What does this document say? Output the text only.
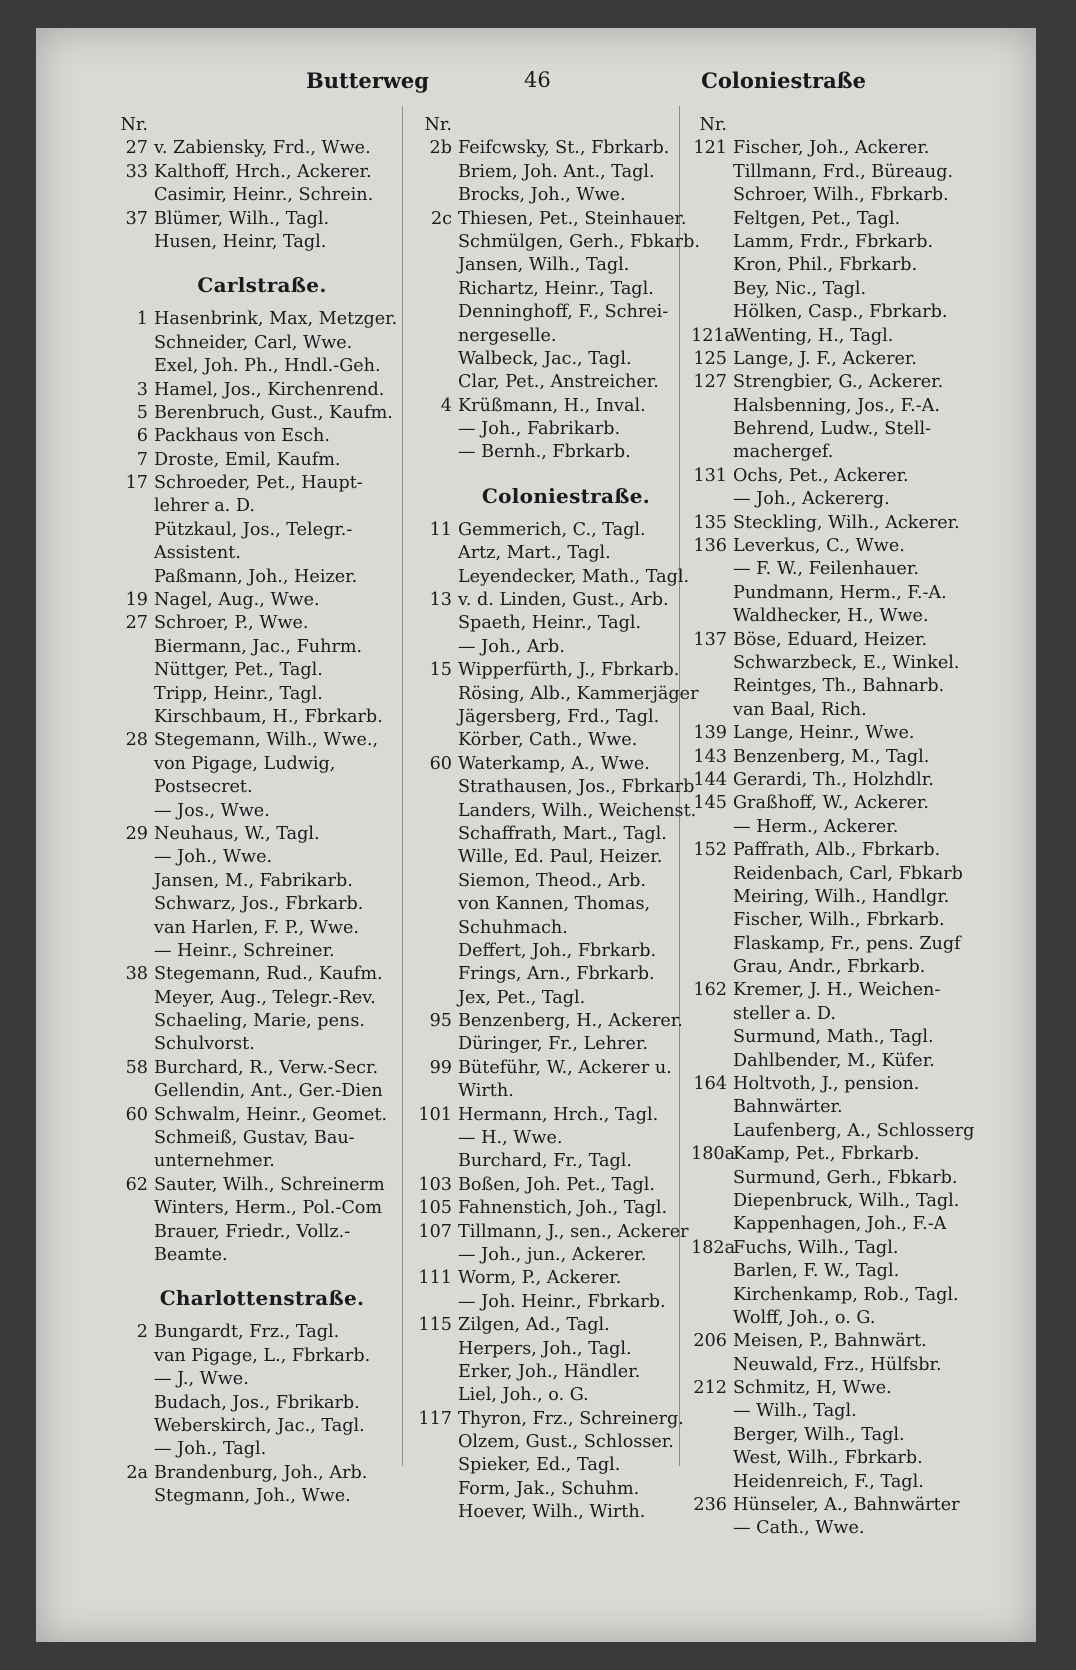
Butterweg	46	Coloniestraße
Nr.
27 v. Zabiensky, Frd., Wwe.
33 Kalthoff, Hrch., Ackerer.
Casimir, Heinr., Schrein.
37 Blümer, Wilh., Tagl.
Husen, Heinr, Tagl.
Carlstraße.
1 Hasenbrink, Max, Metzger.
Schneider, Carl, Wwe.
Exel, Joh. Ph., Hndl.-Geh.
3 Hamel, Jos., Kirchenrend.
5 Berenbruch, Gust., Kaufm.
6 Packhaus von Esch.
7 Droste, Emil, Kaufm.
17 Schroeder, Pet., Haupt-
lehrer a. D.
Pützkaul, Jos., Telegr.-
Assistent.
Paßmann, Joh., Heizer.
19 Nagel, Aug., Wwe.
27 Schroer, P., Wwe.
Biermann, Jac., Fuhrm.
Nüttger, Pet., Tagl.
Tripp, Heinr., Tagl.
Kirschbaum, H., Fbrkarb.
28 Stegemann, Wilh., Wwe.,
von Pigage, Ludwig,
Postsecret.
— Jos., Wwe.
29 Neuhaus, W., Tagl.
— Joh., Wwe.
Jansen, M., Fabrikarb.
Schwarz, Jos., Fbrkarb.
van Harlen, F. P., Wwe.
— Heinr., Schreiner.
38 Stegemann, Rud., Kaufm.
Meyer, Aug., Telegr.-Rev.
Schaeling, Marie, pens.
Schulvorst.
58 Burchard, R., Verw.-Secr.
Gellendin, Ant., Ger.-Dien
60 Schwalm, Heinr., Geomet.
Schmeiß, Gustav, Bau-
unternehmer.
62 Sauter, Wilh., Schreinerm
Winters, Herm., Pol.-Com
Brauer, Friedr., Vollz.-
Beamte.
Charlottenstraße.
2 Bungardt, Frz., Tagl.
van Pigage, L., Fbrkarb.
— J., Wwe.
Budach, Jos., Fbrikarb.
Weberskirch, Jac., Tagl.
— Joh., Tagl.
2a Brandenburg, Joh., Arb.
Stegmann, Joh., Wwe.
Nr.
2b Feifcwsky, St., Fbrkarb.
Briem, Joh. Ant., Tagl.
Brocks, Joh., Wwe.
2c Thiesen, Pet., Steinhauer.
Schmülgen, Gerh., Fbkarb.
Jansen, Wilh., Tagl.
Richartz, Heinr., Tagl.
Denninghoff, F., Schrei-
nergeselle.
Walbeck, Jac., Tagl.
Clar, Pet., Anstreicher.
4 Krüßmann, H., Inval.
— Joh., Fabrikarb.
— Bernh., Fbrkarb.
Coloniestraße.
11 Gemmerich, C., Tagl.
Artz, Mart., Tagl.
Leyendecker, Math., Tagl.
13 v. d. Linden, Gust., Arb.
Spaeth, Heinr., Tagl.
— Joh., Arb.
15 Wipperfürth, J., Fbrkarb.
Rösing, Alb., Kammerjäger
Jägersberg, Frd., Tagl.
Körber, Cath., Wwe.
60 Waterkamp, A., Wwe.
Strathausen, Jos., Fbrkarb
Landers, Wilh., Weichenst.
Schaffrath, Mart., Tagl.
Wille, Ed. Paul, Heizer.
Siemon, Theod., Arb.
von Kannen, Thomas,
Schuhmach.
Deffert, Joh., Fbrkarb.
Frings, Arn., Fbrkarb.
Jex, Pet., Tagl.
95 Benzenberg, H., Ackerer.
Düringer, Fr., Lehrer.
99 Büteführ, W., Ackerer u.
Wirth.
101 Hermann, Hrch., Tagl.
— H., Wwe.
Burchard, Fr., Tagl.
103 Boßen, Joh. Pet., Tagl.
105 Fahnenstich, Joh., Tagl.
107 Tillmann, J., sen., Ackerer
— Joh., jun., Ackerer.
111 Worm, P., Ackerer.
— Joh. Heinr., Fbrkarb.
115 Zilgen, Ad., Tagl.
Herpers, Joh., Tagl.
Erker, Joh., Händler.
Liel, Joh., o. G.
117 Thyron, Frz., Schreinerg.
Olzem, Gust., Schlosser.
Spieker, Ed., Tagl.
Form, Jak., Schuhm.
Hoever, Wilh., Wirth.
Nr.
121 Fischer, Joh., Ackerer.
Tillmann, Frd., Büreaug.
Schroer, Wilh., Fbrkarb.
Feltgen, Pet., Tagl.
Lamm, Frdr., Fbrkarb.
Kron, Phil., Fbrkarb.
Bey, Nic., Tagl.
Hölken, Casp., Fbrkarb.
121aWenting, H., Tagl.
125 Lange, J. F., Ackerer.
127 Strengbier, G., Ackerer.
Halsbenning, Jos., F.-A.
Behrend, Ludw., Stell-
machergef.
131 Ochs, Pet., Ackerer.
— Joh., Ackererg.
135 Steckling, Wilh., Ackerer.
136 Leverkus, C., Wwe.
— F. W., Feilenhauer.
Pundmann, Herm., F.-A.
Waldhecker, H., Wwe.
137 Böse, Eduard, Heizer.
Schwarzbeck, E., Winkel.
Reintges, Th., Bahnarb.
van Baal, Rich.
139 Lange, Heinr., Wwe.
143 Benzenberg, M., Tagl.
144 Gerardi, Th., Holzhdlr.
145 Graßhoff, W., Ackerer.
— Herm., Ackerer.
152 Paffrath, Alb., Fbrkarb.
Reidenbach, Carl, Fbkarb
Meiring, Wilh., Handlgr.
Fischer, Wilh., Fbrkarb.
Flaskamp, Fr., pens. Zugf
Grau, Andr., Fbrkarb.
162 Kremer, J. H., Weichen-
steller a. D.
Surmund, Math., Tagl.
Dahlbender, M., Küfer.
164 Holtvoth, J., pension.
Bahnwärter.
Laufenberg, A., Schlosserg
180aKamp, Pet., Fbrkarb.
Surmund, Gerh., Fbkarb.
Diepenbruck, Wilh., Tagl.
Kappenhagen, Joh., F.-A
182aFuchs, Wilh., Tagl.
Barlen, F. W., Tagl.
Kirchenkamp, Rob., Tagl.
Wolff, Joh., o. G.
206 Meisen, P., Bahnwärt.
Neuwald, Frz., Hülfsbr.
212 Schmitz, H, Wwe.
— Wilh., Tagl.
Berger, Wilh., Tagl.
West, Wilh., Fbrkarb.
Heidenreich, F., Tagl.
236 Hünseler, A., Bahnwärter
— Cath., Wwe.
